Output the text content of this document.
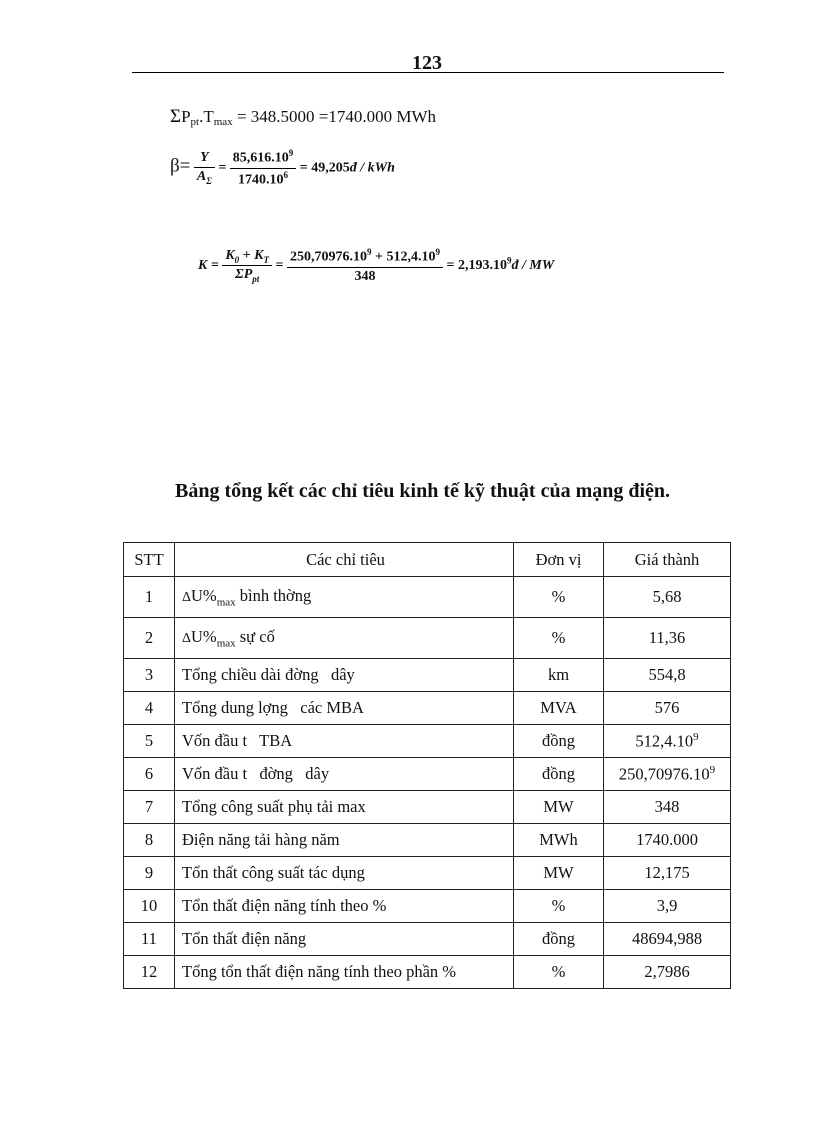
123
$\Sigma P_{pt}.T_{max} = 348.5000 =1740.000$ MWh
$\beta= \frac{Y}{A_\Sigma} = \frac{85,616.10^9}{1740.10^6}$ = 49,205đ / kWh
$K = \frac{K_0 + K_T}{\Sigma P_{pt}} = \frac{250,70976.10^9 + 512,4.10^9}{348}$ = $2,193.10^9đ$ / MW
Bảng tổng kết các chỉ tiêu kinh tế kỹ thuật của mạng điện.
STT	Các chỉ tiêu	Đơn vị	Giá thành
1	$\Delta U\%_{max}$ bình thờng	%	5,68
2	$\Delta U\%_{max}$ sự cố	%	11,36
3	Tổng chiều dài đờng   dây	km	554,8
4	Tổng dung lợng   các MBA	MVA	576
5	Vốn đầu t   TBA	đồng	512,4.10$^9$
6	Vốn đầu t   đờng   dây	đồng	250,70976.10$^9$
7	Tổng công suất phụ tải max	MW	348
8	Điện năng tải hàng năm	MWh	1740.000
9	Tổn thất công suất tác dụng	MW	12,175
10	Tổn thất điện năng tính theo %	%	3,9
11	Tổn thất điện năng	đồng	48694,988
12	Tổng tổn thất điện năng tính theo phần %	%	2,7986
